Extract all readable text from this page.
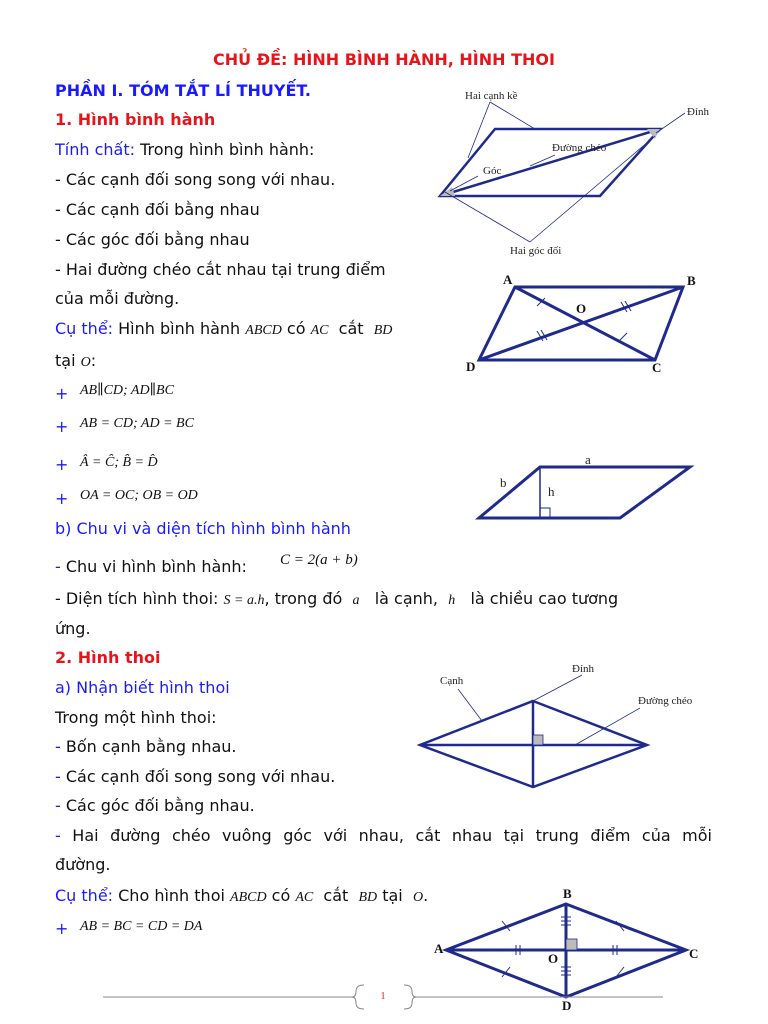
CHỦ ĐỀ: HÌNH BÌNH HÀNH, HÌNH THOI
PHẦN I. TÓM TẮT LÍ THUYẾT.
1. Hình bình hành
Tính chất: Trong hình bình hành:
- Các cạnh đối song song với nhau.
- Các cạnh đối bằng nhau
- Các góc đối bằng nhau
- Hai đường chéo cắt nhau tại trung điểm
của mỗi đường.
Cụ thể: Hình bình hành ABCD có AC  cắt  BD
tại O:
+ AB∥CD; AD∥BC
+ AB = CD; AD = BC
+ Â = Ĉ; B̂ = D̂
+ OA = OC; OB = OD
b) Chu vi và diện tích hình bình hành
- Chu vi hình bình hành: C = 2(a + b)
- Diện tích hình thoi: S = a.h, trong đó  a   là cạnh,  h   là chiều cao tương
ứng.
2. Hình thoi
a) Nhận biết hình thoi
Trong một hình thoi:
- Bốn cạnh bằng nhau.
- Các cạnh đối song song với nhau.
- Các góc đối bằng nhau.
- Hai đường chéo vuông góc với nhau, cắt nhau tại trung điểm của mỗi
đường.
Cụ thể: Cho hình thoi ABCD có AC  cắt  BD tại  O.
+ AB = BC = CD = DA
Hai cạnh kề
Đỉnh
Đường chéo
Góc
Hai góc đối
A	B
C
D
O
a
b
h
Cạnh
Đỉnh
Đường chéo
B
A	C
D
O
1
